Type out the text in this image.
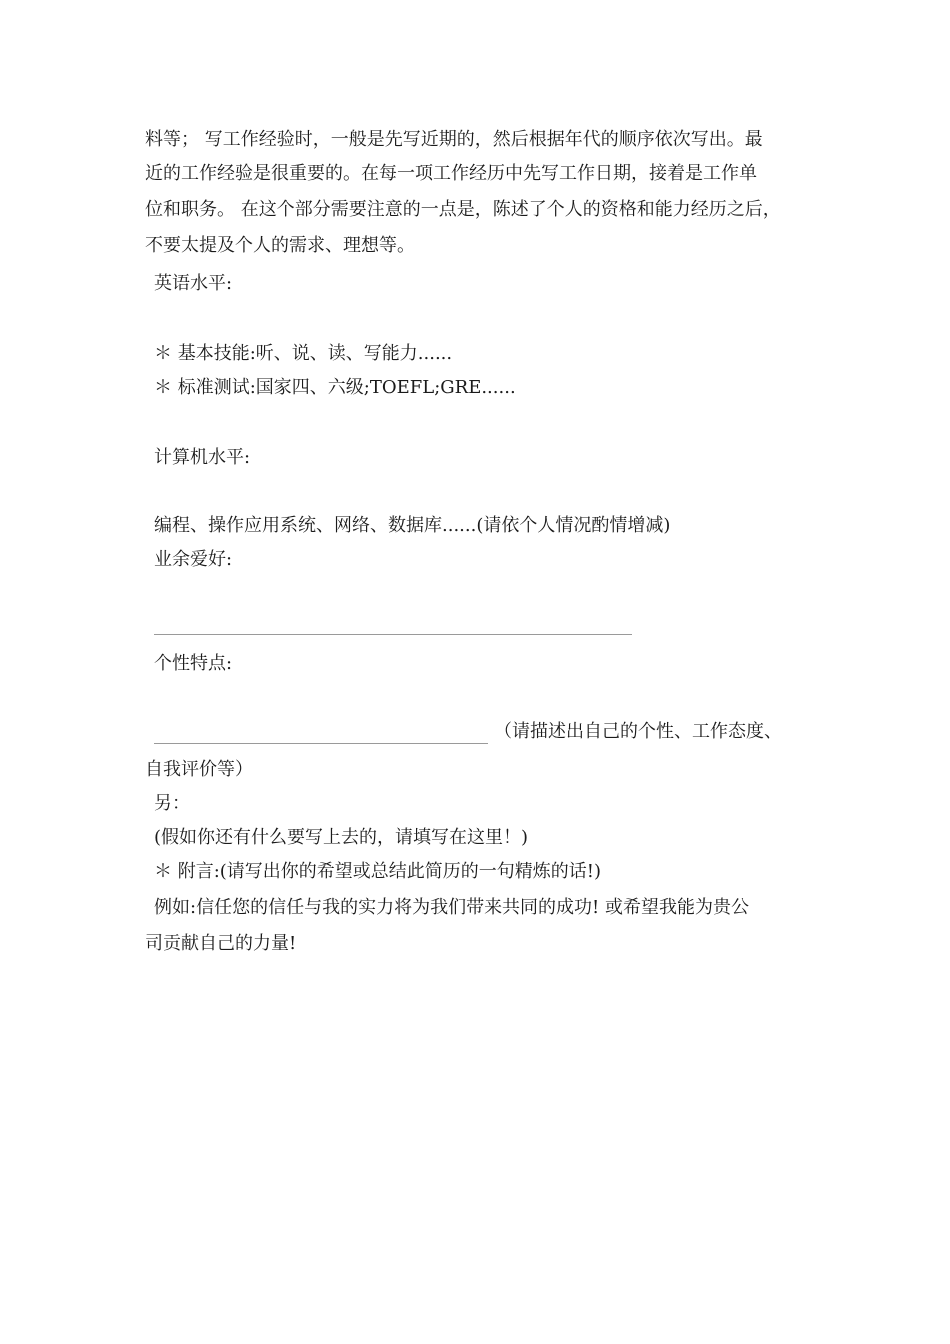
料等； 写工作经验时，一般是先写近期的，然后根据年代的顺序依次写出。最
近的工作经验是很重要的。在每一项工作经历中先写工作日期，接着是工作单
位和职务。 在这个部分需要注意的一点是，陈述了个人的资格和能力经历之后，
不要太提及个人的需求、理想等。
英语水平:
＊ 基本技能:听、说、读、写能力......
＊ 标准测试:国家四、六级;TOEFL;GRE......
计算机水平:
编程、操作应用系统、网络、数据库......(请依个人情况酌情增减)
业余爱好:
个性特点:
（请描述出自己的个性、工作态度、
自我评价等）
另：
(假如你还有什么要写上去的，请填写在这里！)
＊ 附言:(请写出你的希望或总结此简历的一句精炼的话!)
例如:信任您的信任与我的实力将为我们带来共同的成功! 或希望我能为贵公
司贡献自己的力量!
